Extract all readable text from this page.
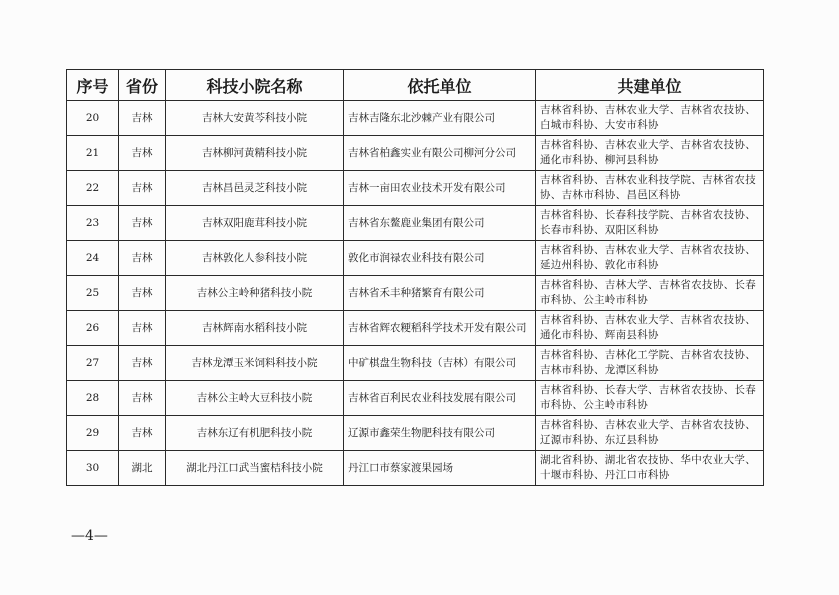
序号	省份	科技小院名称	依托单位	共建单位
20	吉林	吉林大安黄芩科技小院	吉林吉隆东北沙棘产业有限公司	吉林省科协、吉林农业大学、吉林省农技协、白城市科协、大安市科协
21	吉林	吉林柳河黄精科技小院	吉林省柏鑫实业有限公司柳河分公司	吉林省科协、吉林农业大学、吉林省农技协、通化市科协、柳河县科协
22	吉林	吉林昌邑灵芝科技小院	吉林一亩田农业技术开发有限公司	吉林省科协、吉林农业科技学院、吉林省农技协、吉林市科协、昌邑区科协
23	吉林	吉林双阳鹿茸科技小院	吉林省东鳌鹿业集团有限公司	吉林省科协、长春科技学院、吉林省农技协、长春市科协、双阳区科协
24	吉林	吉林敦化人参科技小院	敦化市润禄农业科技有限公司	吉林省科协、吉林农业大学、吉林省农技协、延边州科协、敦化市科协
25	吉林	吉林公主岭种猪科技小院	吉林省禾丰种猪繁育有限公司	吉林省科协、吉林大学、吉林省农技协、长春市科协、公主岭市科协
26	吉林	吉林辉南水稻科技小院	吉林省辉农粳稻科学技术开发有限公司	吉林省科协、吉林农业大学、吉林省农技协、通化市科协、辉南县科协
27	吉林	吉林龙潭玉米饲料科技小院	中矿棋盘生物科技（吉林）有限公司	吉林省科协、吉林化工学院、吉林省农技协、吉林市科协、龙潭区科协
28	吉林	吉林公主岭大豆科技小院	吉林省百利民农业科技发展有限公司	吉林省科协、长春大学、吉林省农技协、长春市科协、公主岭市科协
29	吉林	吉林东辽有机肥科技小院	辽源市鑫荣生物肥科技有限公司	吉林省科协、吉林农业大学、吉林省农技协、辽源市科协、东辽县科协
30	湖北	湖北丹江口武当蜜桔科技小院	丹江口市蔡家渡果园场	湖北省科协、湖北省农技协、华中农业大学、十堰市科协、丹江口市科协
—4—
